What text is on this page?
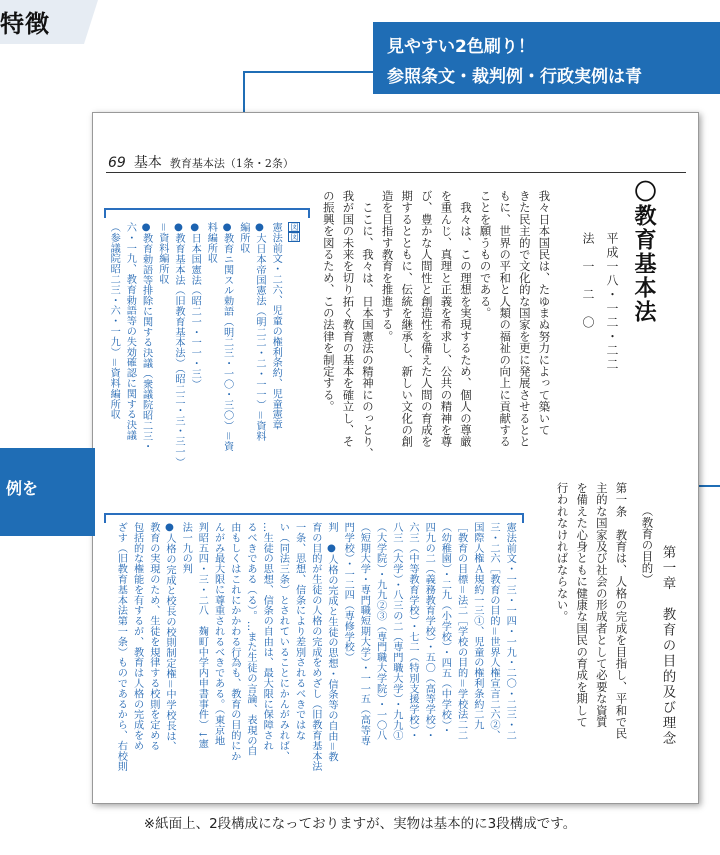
特徴
見やすい2色刷り！
参照条文・裁判例・行政実例は青
69 基本 教育基本法（1条・2条）
〇教育基本法
平成一八・一二・二二
法　一　二　〇
我々日本国民は、たゆまぬ努力によって築いて
きた民主的で文化的な国家を更に発展させるとと
もに、世界の平和と人類の福祉の向上に貢献する
ことを願うものである。
　我々は、この理想を実現するため、個人の尊厳
を重んじ、真理と正義を希求し、公共の精神を尊
び、豊かな人間性と創造性を備えた人間の育成を
期するとともに、伝統を継承し、新しい文化の創
造を目指す教育を推進する。
　ここに、我々は、日本国憲法の精神にのっとり、
我が国の未来を切り拓く教育の基本を確立し、そ
の振興を図るため、この法律を制定する。
図図
憲法前文・二六、児童の権利条約、児童憲章
●大日本帝国憲法（明二二・二・一一）＝資料
編所収
●教育ニ関スル勅語（明二三・一〇・三〇）＝資
料編所収
●日本国憲法（昭二一・一一・三）
●教育基本法（旧教育基本法）（昭二二・三・三一）
＝資料編所収
●教育勅語等排除に関する決議（衆議院昭二三・
六・一九、教育勅語等の失効確認に関する決議
（参議院昭二三・六・一九）＝資料編所収
第一章　教育の目的及び理念
（教育の目的）
第一条　教育は、人格の完成を目指し、平和で民
主的な国家及び社会の形成者として必要な資質
を備えた心身ともに健康な国民の育成を期して
行われなければならない。
憲法前文・一三・一四・一九・二〇・二三・二
三・二六［教育の目的＝世界人権宣言二六②、
国際人権Ａ規約一三①、児童の権利条約二九
［教育の目標＝法二［学校の目的＝学校法二二
（幼稚園）・二九（小学校）・四五（中学校）・
四九の二（義務教育学校）・五〇（高等学校）・
六三（中等教育学校）・七二（特別支援学校）・
八三（大学）・八三の二（専門職大学）・九九①
（大学院）・九九②③（専門職大学院）・一〇八
（短期大学・専門職短期大学）・一一五（高等専
門学校）・一二四（専修学校）
判　●人格の完成と生徒の思想・信条等の自由＝教
育の目的が生徒の人格の完成をめざし（旧教育基本法
一条、思想、信条により差別されるべきではな
い（同法三条）とされていることにかんがみれば、
…生徒の思想、信条の自由は、最大限に保障され
るべきである（る）。…また生徒の言論、表現の自
由もしくはこれにかかわる行為も、教育の目的にか
んがみ最大限に尊重されるべきである。（東京地
判昭五四・三・二八　麹町中学内申書事件）↓憲
法一九の判
●人格の完成と校長の校則制定権＝中学校長は、
教育の実現のため、生徒を規律する校則を定める
包括的な権能を有するが、教育は人格の完成をめ
ざす（旧教育基本法第一条）ものであるから、右校則
例を
※紙面上、2段構成になっておりますが、実物は基本的に3段構成です。
